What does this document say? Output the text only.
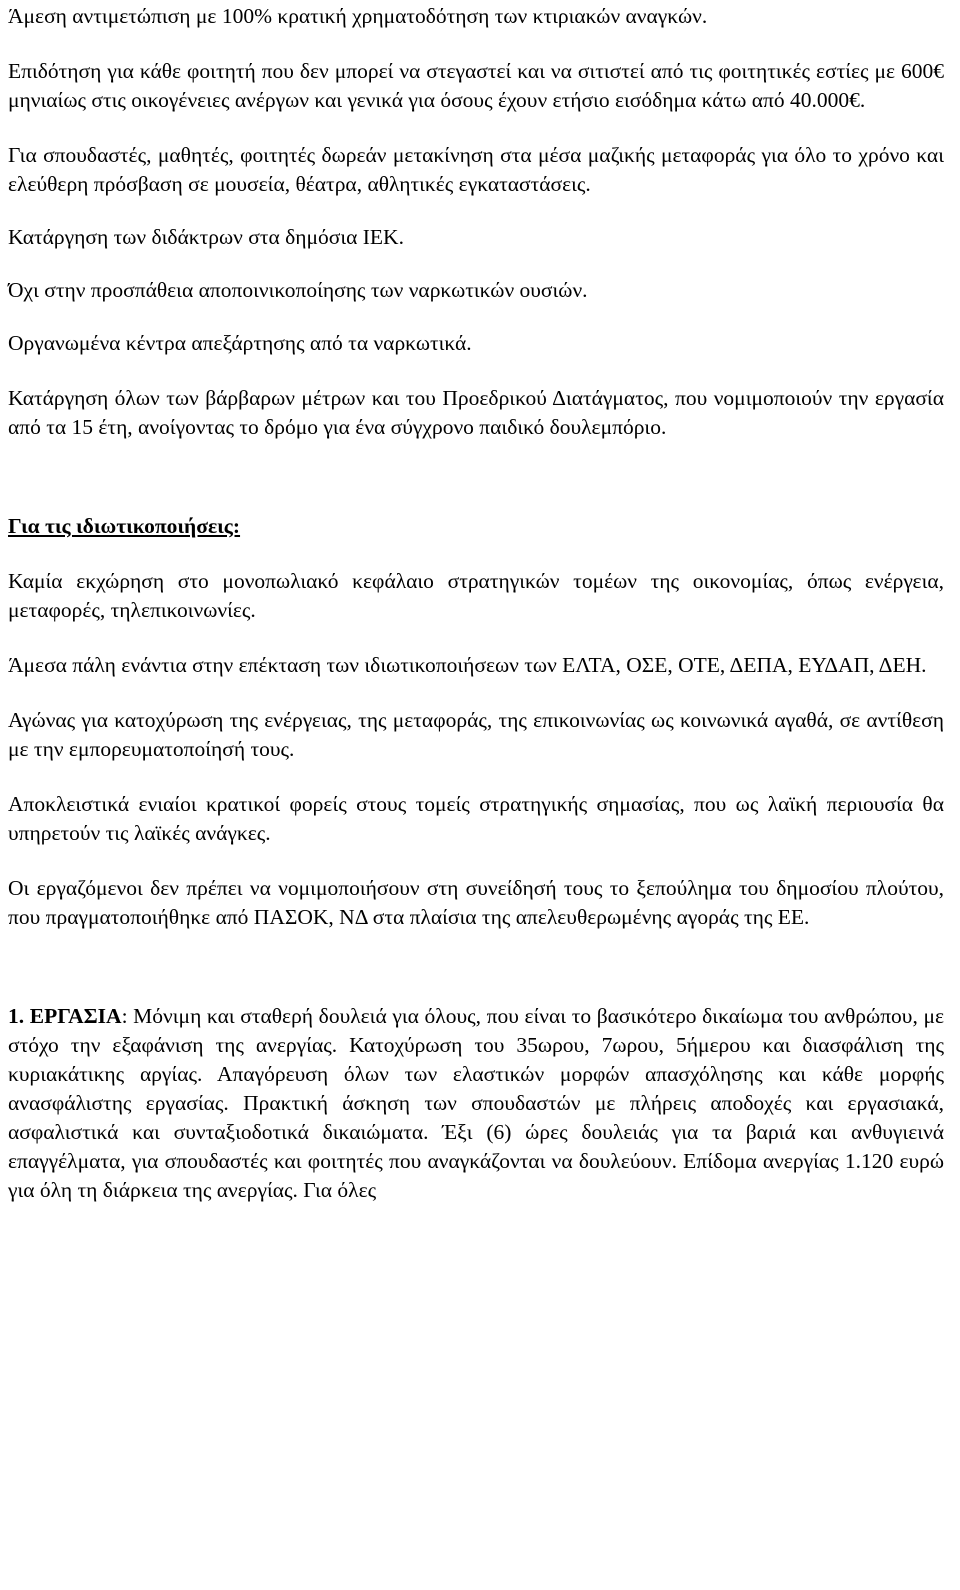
Άμεση αντιμετώπιση με 100% κρατική χρηματοδότηση των κτιριακών αναγκών.

Επιδότηση για κάθε φοιτητή που δεν μπορεί να στεγαστεί και να σιτιστεί από τις φοιτητικές εστίες με 600€ μηνιαίως στις οικογένειες ανέργων και γενικά για όσους έχουν ετήσιο εισόδημα κάτω από 40.000€.

Για σπουδαστές, μαθητές, φοιτητές δωρεάν μετακίνηση στα μέσα μαζικής μεταφοράς για όλο το χρόνο και ελεύθερη πρόσβαση σε μουσεία, θέατρα, αθλητικές εγκαταστάσεις.

Κατάργηση των διδάκτρων στα δημόσια ΙΕΚ.

Όχι στην προσπάθεια αποποινικοποίησης των ναρκωτικών ουσιών.

Οργανωμένα κέντρα απεξάρτησης από τα ναρκωτικά.

Κατάργηση όλων των βάρβαρων μέτρων και του Προεδρικού Διατάγματος, που νομιμοποιούν την εργασία από τα 15 έτη, ανοίγοντας το δρόμο για ένα σύγχρονο παιδικό δουλεμπόριο.

Για τις ιδιωτικοποιήσεις:

Καμία εκχώρηση στο μονοπωλιακό κεφάλαιο στρατηγικών τομέων της οικονομίας, όπως ενέργεια, μεταφορές, τηλεπικοινωνίες.

Άμεσα πάλη ενάντια στην επέκταση των ιδιωτικοποιήσεων των ΕΛΤΑ, ΟΣΕ, ΟΤΕ, ΔΕΠΑ, ΕΥΔΑΠ, ΔΕΗ.

Αγώνας για κατοχύρωση της ενέργειας, της μεταφοράς, της επικοινωνίας ως κοινωνικά αγαθά, σε αντίθεση με την εμπορευματοποίησή τους.

Αποκλειστικά ενιαίοι κρατικοί φορείς στους τομείς στρατηγικής σημασίας, που ως λαϊκή περιουσία θα υπηρετούν τις λαϊκές ανάγκες.

Οι εργαζόμενοι δεν πρέπει να νομιμοποιήσουν στη συνείδησή τους το ξεπούλημα του δημοσίου πλούτου, που πραγματοποιήθηκε από ΠΑΣΟΚ, ΝΔ στα πλαίσια της απελευθερωμένης αγοράς της ΕΕ.

1. ΕΡΓΑΣΙΑ: Μόνιμη και σταθερή δουλειά για όλους, που είναι το βασικότερο δικαίωμα του ανθρώπου, με στόχο την εξαφάνιση της ανεργίας. Κατοχύρωση του 35ωρου, 7ωρου, 5ήμερου και διασφάλιση της κυριακάτικης αργίας. Απαγόρευση όλων των ελαστικών μορφών απασχόλησης και κάθε μορφής ανασφάλιστης εργασίας. Πρακτική άσκηση των σπουδαστών με πλήρεις αποδοχές και εργασιακά, ασφαλιστικά και συνταξιοδοτικά δικαιώματα. Έξι (6) ώρες δουλειάς για τα βαριά και ανθυγιεινά επαγγέλματα, για σπουδαστές και φοιτητές που αναγκάζονται να δουλεύουν. Επίδομα ανεργίας 1.120 ευρώ για όλη τη διάρκεια της ανεργίας. Για όλες
